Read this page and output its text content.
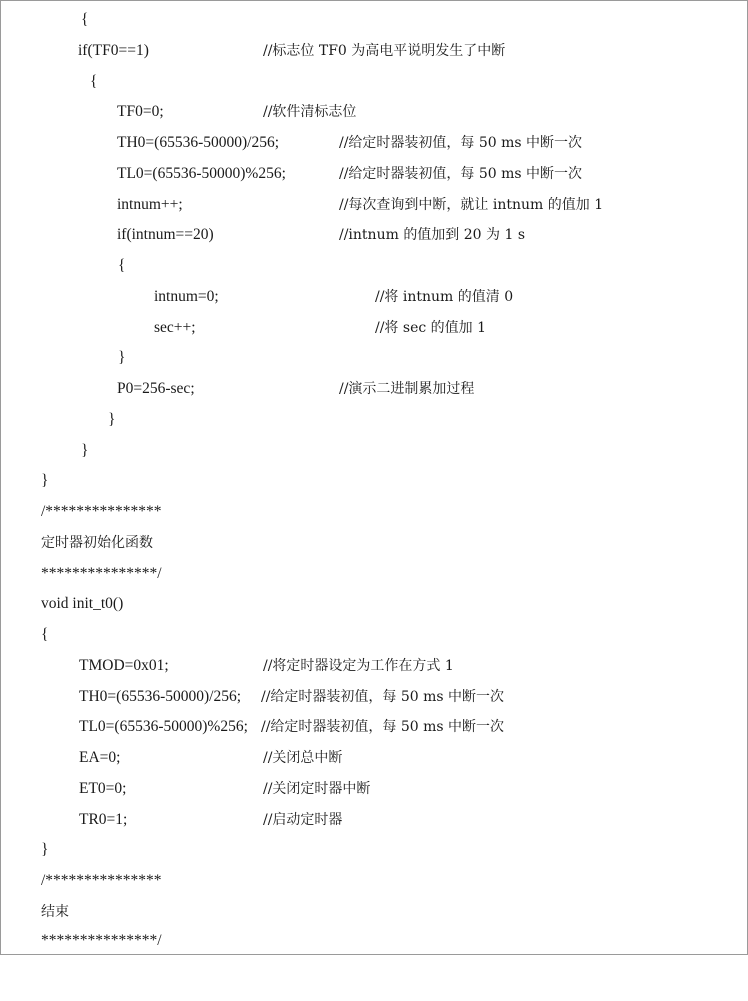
{

if(TF0==1)

	//标志位 TF0 为高电平说明发生了中断

{

TF0=0;

	//软件清标志位

TH0=(65536-50000)/256;

	//给定时器装初值，每 50 ms 中断一次

TL0=(65536-50000)%256;

	//给定时器装初值，每 50 ms 中断一次

intnum++;

	//每次查询到中断，就让 intnum 的值加 1

if(intnum==20)

	//intnum 的值加到 20 为 1 s

{

intnum=0;

	//将 intnum 的值清 0

sec++;

	//将 sec 的值加 1

}

P0=256-sec;

	//演示二进制累加过程

}

}

}

/***************

定时器初始化函数

***************/

void init_t0()

{

TMOD=0x01;

	//将定时器设定为工作在方式 1

TH0=(65536-50000)/256;

//给定时器装初值，每 50 ms 中断一次

TL0=(65536-50000)%256;

//给定时器装初值，每 50 ms 中断一次

EA=0;

	//关闭总中断

ET0=0;

	//关闭定时器中断

TR0=1;

	//启动定时器

}

/***************

结束

***************/
